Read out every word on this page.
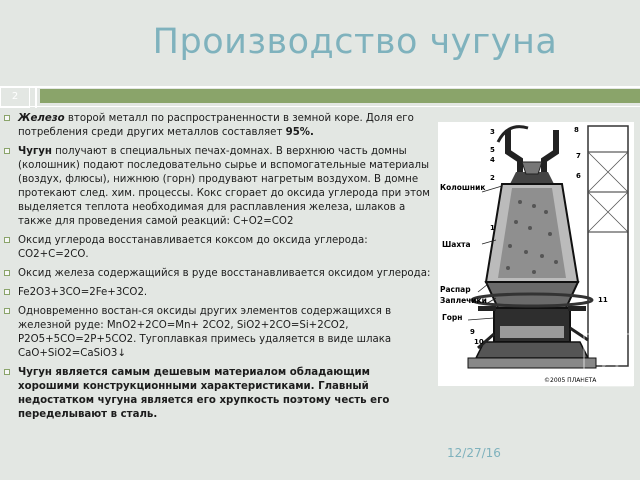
Производство чугуна
2
Железо второй металл по распространенности в земной коре. Доля его потребления среди других металлов составляет 95%.
Чугун получают в специальных печах-домнах. В верхнюю часть домны (колошник) подают последовательно сырье и вспомогательные материалы (воздух, флюсы), нижнюю (горн) продувают нагретым воздухом. В домне протекают след. хим. процессы. Кокс сгорает до оксида углерода при этом выделяется теплота необходимая для расплавления железа, шлаков а также для проведения самой реакций: С+О2=СО2
Оксид углерода восстанавливается коксом до оксида углерода: СО2+С=2СО.
Оксид железа содержащийся в руде восстанавливается оксидом углерода:
Fe2O3+3CO=2Fe+3CO2.
Одновременно востан-ся оксиды других элементов содержащихся в железной руде: MnO2+2CO=Mn+ 2CO2, SiO2+2CO=Si+2CO2, P2O5+5CO=2P+5CO2. Тугоплавкая примесь удаляется в виде шлака CaO+SiO2=CaSiO3↓
Чугун является самым дешевым материалом обладающим хорошими конструкционными характеристиками. Главный недостатком чугуна является его хрупкость поэтому честь его переделывают в сталь.
Колошник
Шахта
Распар
Заплечики
Горн
3
5
4
2
1
8
7
6
11
9
10
©2005 ПЛАНЕТА
И
12/27/16
